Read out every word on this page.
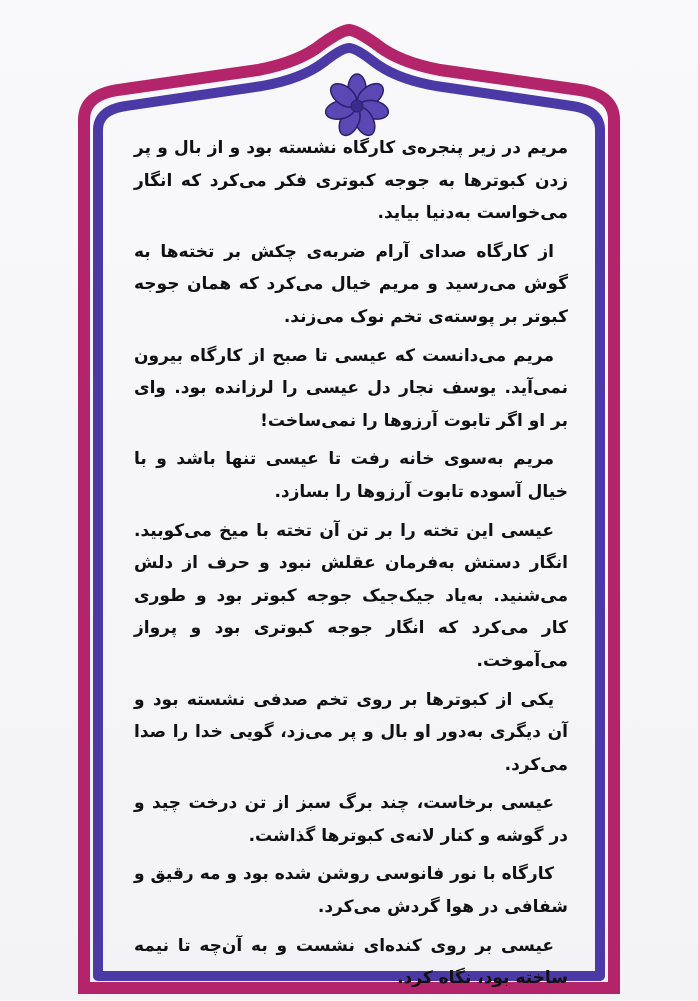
مریم در زیر پنجره‌ی کارگاه نشسته بود و از بال و پر زدن کبوترها به جوجه کبوتری فکر می‌کرد که انگار می‌خواست به‌دنیا بیاید.

از کارگاه صدای آرام ضربه‌ی چکش بر تخته‌ها به گوش می‌رسید و مریم خیال می‌کرد که همان جوجه کبوتر بر پوسته‌ی تخم نوک می‌زند.

مریم می‌دانست که عیسی تا صبح از کارگاه بیرون نمی‌آید. یوسف نجار دل عیسی را لرزانده بود. وای بر او اگر تابوت آرزوها را نمی‌ساخت!

مریم به‌سوی خانه رفت تا عیسی تنها باشد و با خیال آسوده تابوت آرزوها را بسازد.

عیسی این تخته را بر تن آن تخته با میخ می‌کوبید. انگار دستش به‌فرمان عقلش نبود و حرف از دلش می‌شنید. به‌یاد جیک‌جیک جوجه کبوتر بود و طوری کار می‌کرد که انگار جوجه کبوتری بود و پرواز می‌آموخت.

یکی از کبوترها بر روی تخم صدفی نشسته بود و آن دیگری به‌دور او بال و پر می‌زد، گویی خدا را صدا می‌کرد.

عیسی برخاست، چند برگ سبز از تن درخت چید و در گوشه و کنار لانه‌ی کبوترها گذاشت.

کارگاه با نور فانوسی روشن شده بود و مه رقیق و شفافی در هوا گردش می‌کرد.

عیسی بر روی کنده‌ای نشست و به آن‌چه تا نیمه ساخته بود، نگاه کرد.
